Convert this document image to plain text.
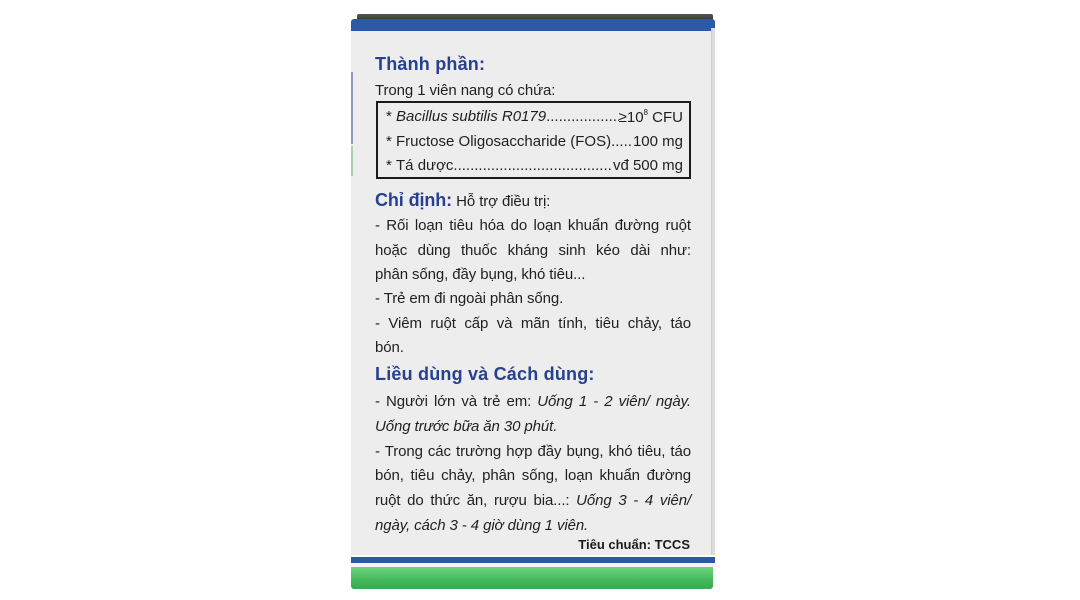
Thành phần:
Trong 1 viên nang có chứa:
* Bacillus subtilis R0179 .....	$\ge 10^8$ CFU
* Fructose Oligosaccharide (FOS) ..... 100 mg
* Tá dược .....	vđ 500 mg
Chỉ định: Hỗ trợ điều trị:
- Rối loạn tiêu hóa do loạn khuẩn đường ruột
hoặc dùng thuốc kháng sinh kéo dài như:
phân sống, đầy bụng, khó tiêu...
- Trẻ em đi ngoài phân sống.
- Viêm ruột cấp và mãn tính, tiêu chảy, táo
bón.
Liều dùng và Cách dùng:
- Người lớn và trẻ em: Uống 1 - 2 viên/ ngày.
Uống trước bữa ăn 30 phút.
- Trong các trường hợp đầy bụng, khó tiêu, táo
bón, tiêu chảy, phân sống, loạn khuẩn đường
ruột do thức ăn, rượu bia...: Uống 3 - 4 viên/
ngày, cách 3 - 4 giờ dùng 1 viên.
Tiêu chuẩn: TCCS
